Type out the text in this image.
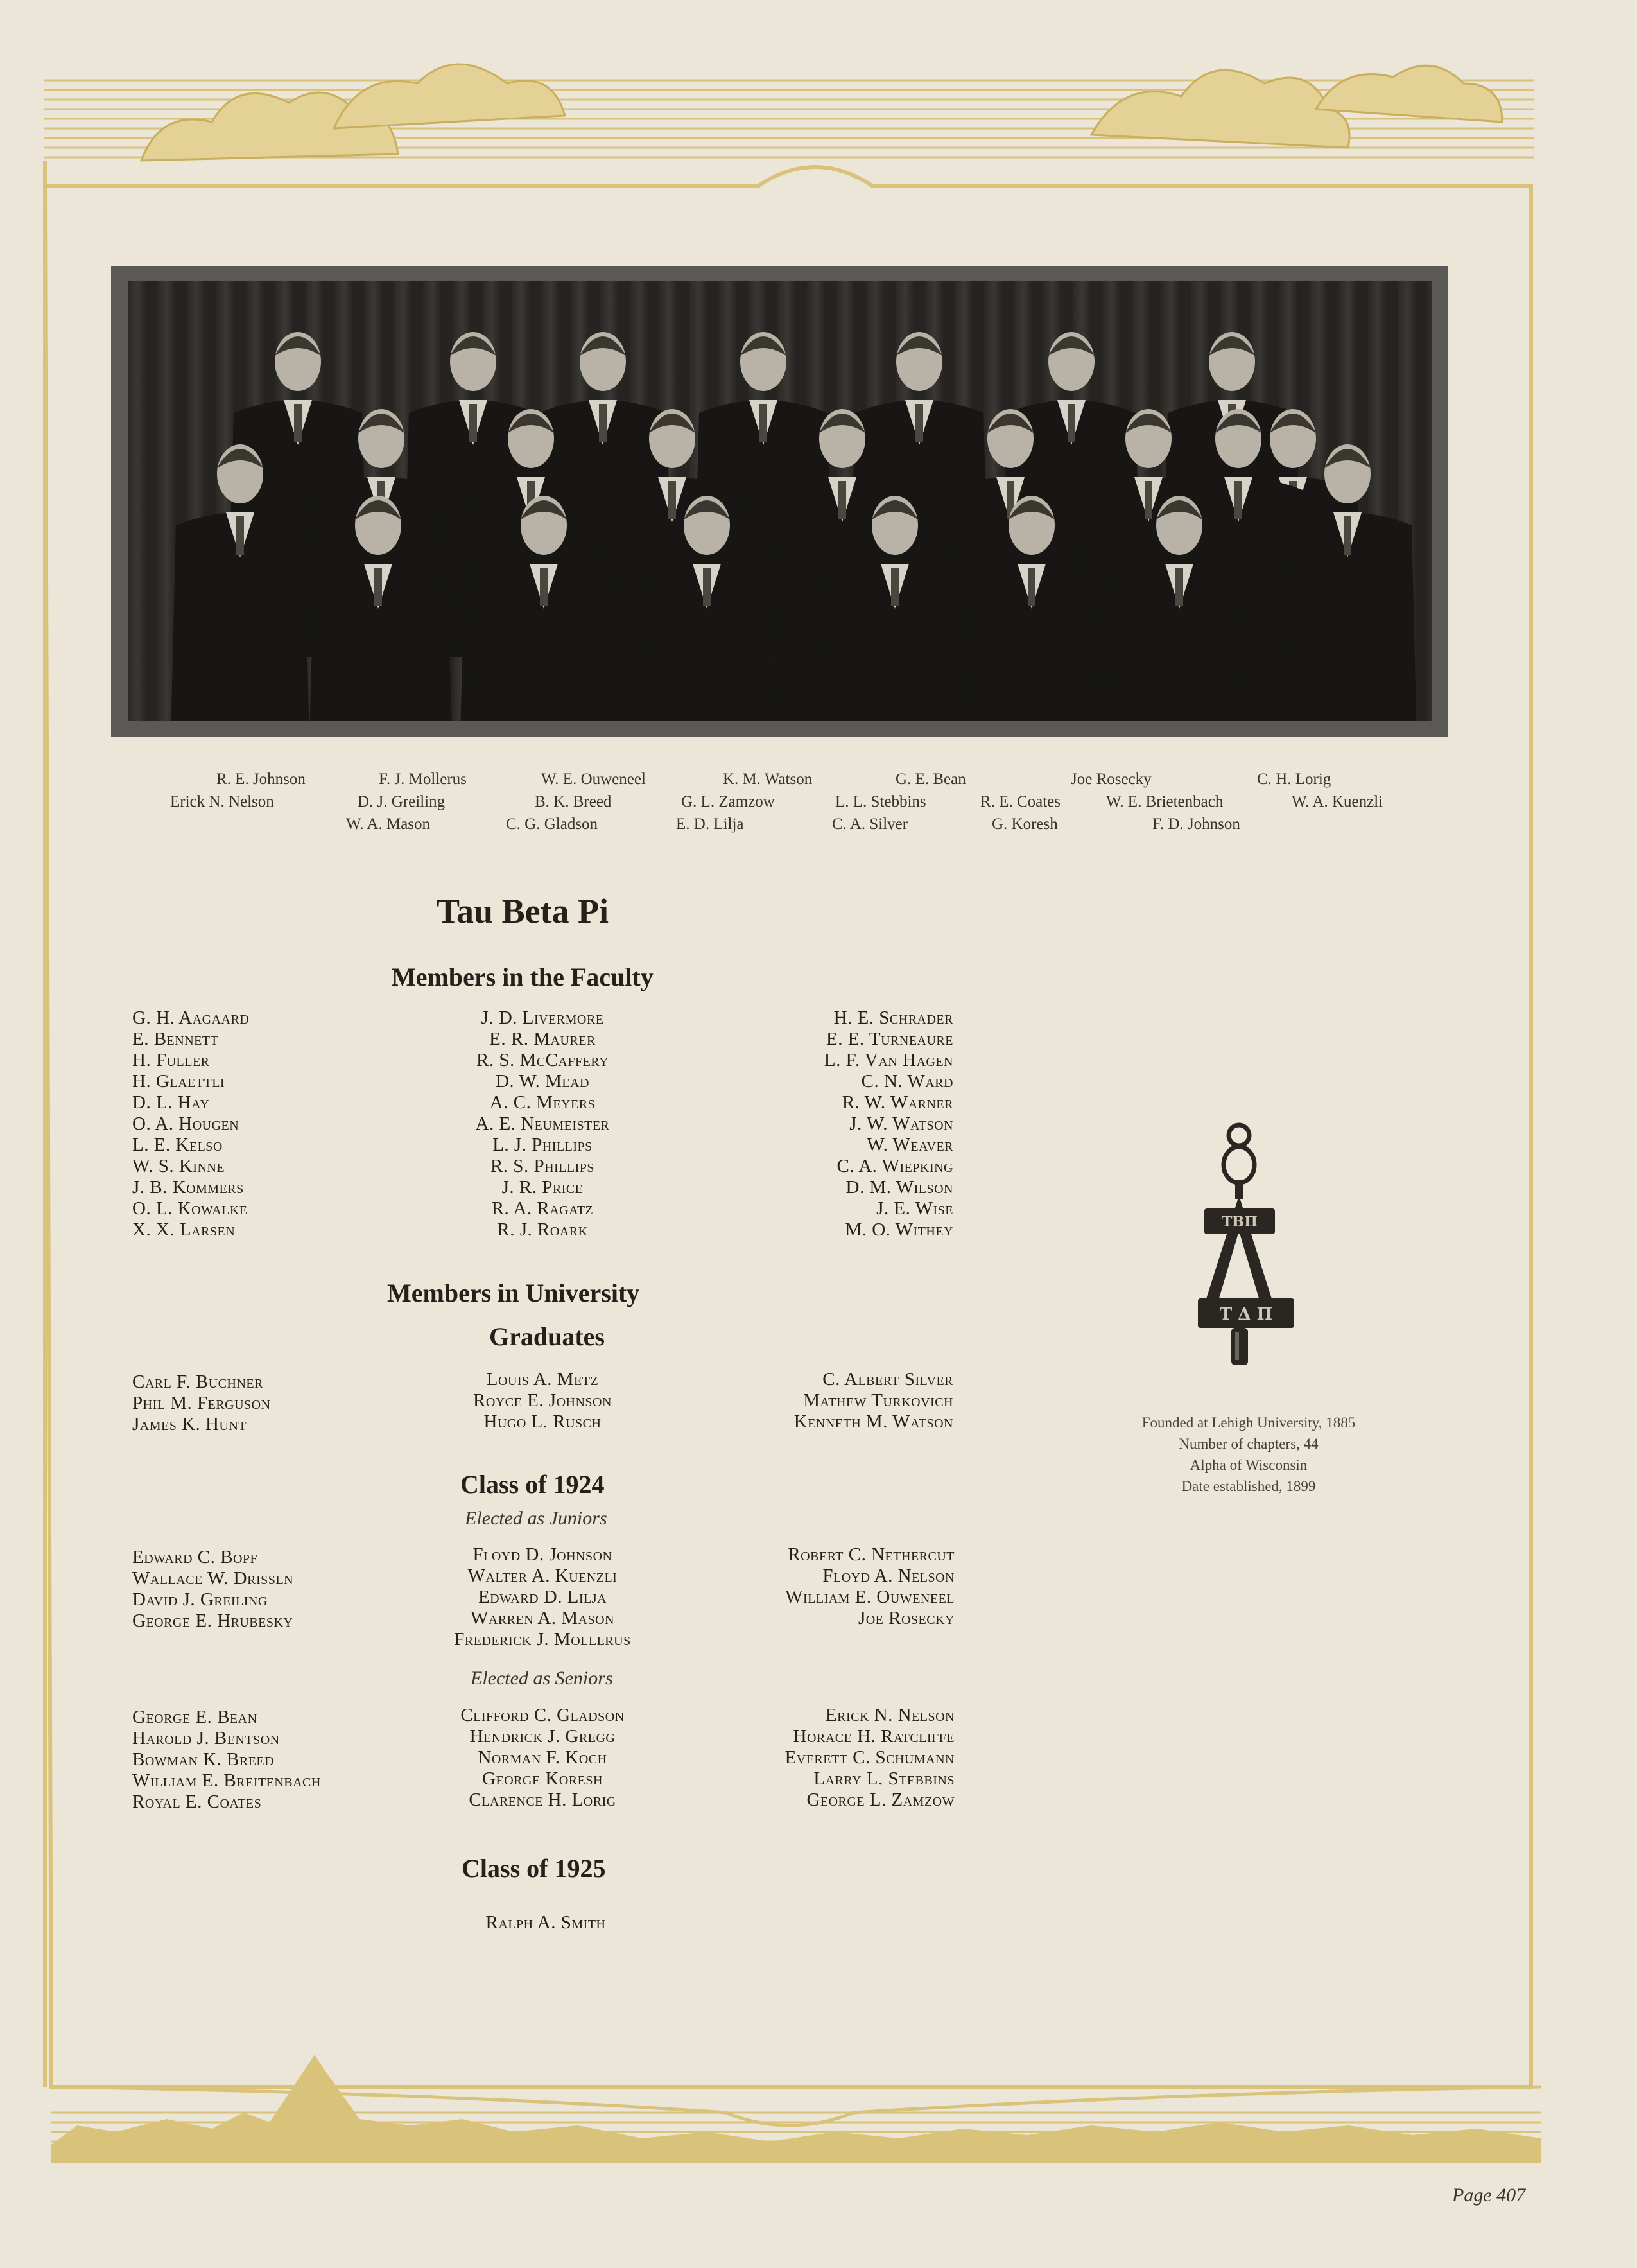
R. E. Johnson	F. J. Mollerus	W. E. Ouweneel	K. M. Watson	G. E. Bean	Joe Rosecky	C. H. Lorig
Erick N. Nelson	D. J. Greiling	B. K. Breed	G. L. Zamzow	L. L. Stebbins	R. E. Coates	W. E. Brietenbach	W. A. Kuenzli
W. A. Mason	C. G. Gladson	E. D. Lilja	C. A. Silver	G. Koresh	F. D. Johnson
Tau Beta Pi
Members in the Faculty
G. H. Aagaard
E. Bennett
H. Fuller
H. Glaettli
D. L. Hay
O. A. Hougen
L. E. Kelso
W. S. Kinne
J. B. Kommers
O. L. Kowalke
X. X. Larsen
J. D. Livermore
E. R. Maurer
R. S. McCaffery
D. W. Mead
A. C. Meyers
A. E. Neumeister
L. J. Phillips
R. S. Phillips
J. R. Price
R. A. Ragatz
R. J. Roark
H. E. Schrader
E. E. Turneaure
L. F. Van Hagen
C. N. Ward
R. W. Warner
J. W. Watson
W. Weaver
C. A. Wiepking
D. M. Wilson
J. E. Wise
M. O. Withey
Members in University
Graduates
Carl F. Buchner
Phil M. Ferguson
James K. Hunt
Louis A. Metz
Royce E. Johnson
Hugo L. Rusch
C. Albert Silver
Mathew Turkovich
Kenneth M. Watson
Class of 1924
Elected as Juniors
Edward C. Bopf
Wallace W. Drissen
David J. Greiling
George E. Hrubesky
Floyd D. Johnson
Walter A. Kuenzli
Edward D. Lilja
Warren A. Mason
Frederick J. Mollerus
Robert C. Nethercut
Floyd A. Nelson
William E. Ouweneel
Joe Rosecky
Elected as Seniors
George E. Bean
Harold J. Bentson
Bowman K. Breed
William E. Breitenbach
Royal E. Coates
Clifford C. Gladson
Hendrick J. Gregg
Norman F. Koch
George Koresh
Clarence H. Lorig
Erick N. Nelson
Horace H. Ratcliffe
Everett C. Schumann
Larry L. Stebbins
George L. Zamzow
Class of 1925
Ralph A. Smith
ΤΒΠ
Τ Δ Π
Founded at Lehigh University, 1885
Number of chapters, 44
Alpha of Wisconsin
Date established, 1899
Page 407
